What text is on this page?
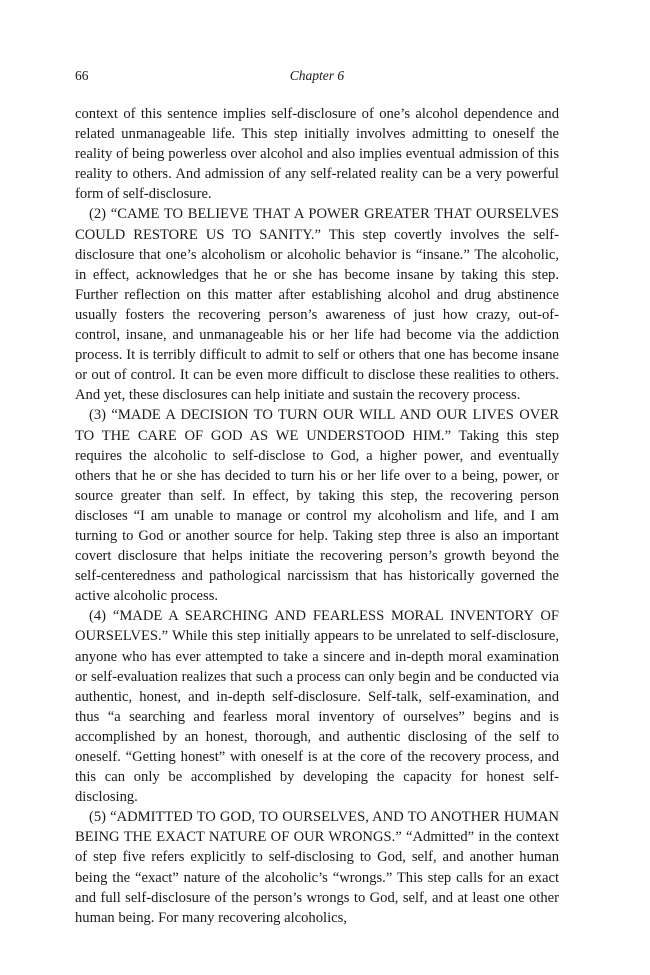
66	Chapter 6

context of this sentence implies self-disclosure of one’s alcohol dependence and related unmanageable life. This step initially involves admitting to oneself the reality of being powerless over alcohol and also implies eventual admission of this reality to others. And admission of any self-related reality can be a very powerful form of self-disclosure.

(2) “CAME TO BELIEVE THAT A POWER GREATER THAT OURSELVES COULD RESTORE US TO SANITY.” This step covertly involves the self-disclosure that one’s alcoholism or alcoholic behavior is “insane.” The alcoholic, in effect, acknowledges that he or she has become insane by taking this step. Further reflection on this matter after establishing alcohol and drug abstinence usually fosters the recovering person’s awareness of just how crazy, out-of-control, insane, and unmanageable his or her life had become via the addiction process. It is terribly difficult to admit to self or others that one has become insane or out of control. It can be even more difficult to disclose these realities to others. And yet, these disclosures can help initiate and sustain the recovery process.

(3) “MADE A DECISION TO TURN OUR WILL AND OUR LIVES OVER TO THE CARE OF GOD AS WE UNDERSTOOD HIM.” Taking this step requires the alcoholic to self-disclose to God, a higher power, and eventually others that he or she has decided to turn his or her life over to a being, power, or source greater than self. In effect, by taking this step, the recovering person discloses “I am unable to manage or control my alcoholism and life, and I am turning to God or another source for help. Taking step three is also an important covert disclosure that helps initiate the recovering person’s growth beyond the self-centeredness and pathological narcissism that has historically governed the active alcoholic process.

(4) “MADE A SEARCHING AND FEARLESS MORAL INVENTORY OF OURSELVES.” While this step initially appears to be unrelated to self-disclosure, anyone who has ever attempted to take a sincere and in-depth moral examination or self-evaluation realizes that such a process can only begin and be conducted via authentic, honest, and in-depth self-disclosure. Self-talk, self-examination, and thus “a searching and fearless moral inventory of ourselves” begins and is accomplished by an honest, thorough, and authentic disclosing of the self to oneself. “Getting honest” with oneself is at the core of the recovery process, and this can only be accomplished by developing the capacity for honest self-disclosing.

(5) “ADMITTED TO GOD, TO OURSELVES, AND TO ANOTHER HUMAN BEING THE EXACT NATURE OF OUR WRONGS.” “Admitted” in the context of step five refers explicitly to self-disclosing to God, self, and another human being the “exact” nature of the alcoholic’s “wrongs.” This step calls for an exact and full self-disclosure of the person’s wrongs to God, self, and at least one other human being. For many recovering alcoholics,
